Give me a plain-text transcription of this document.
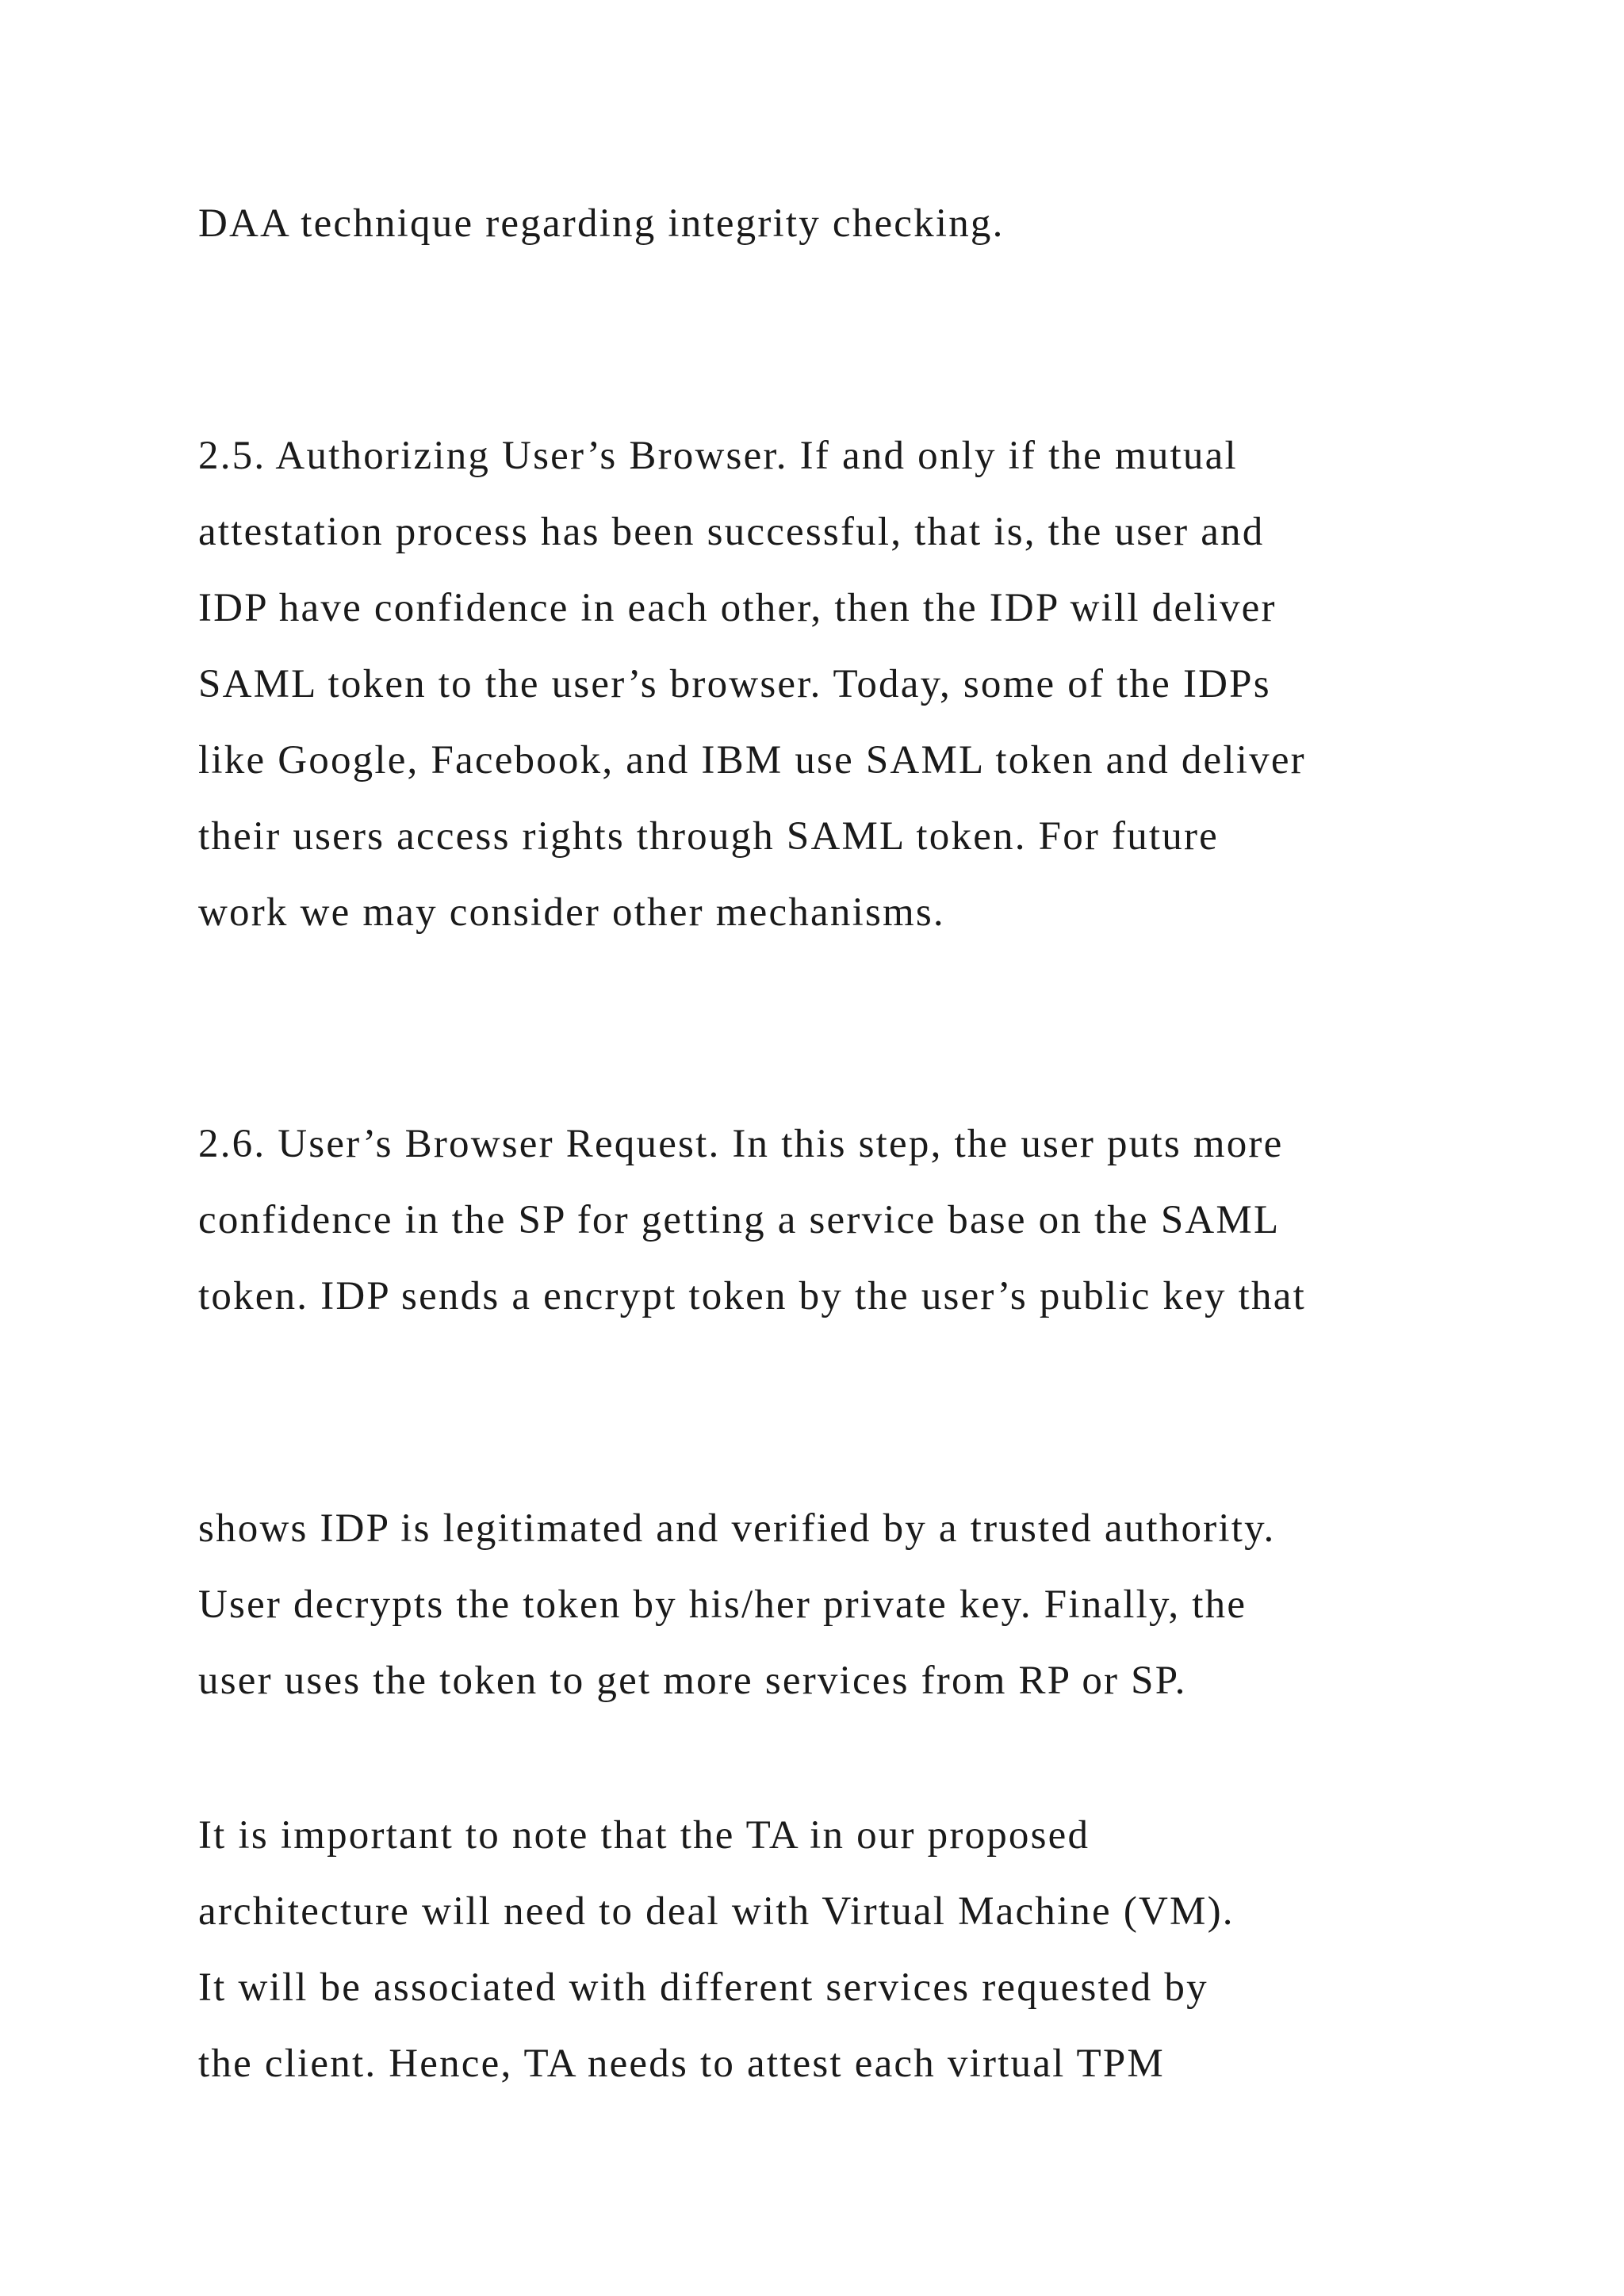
DAA technique regarding integrity checking.

2.5. Authorizing User’s Browser. If and only if the mutual

attestation process has been successful, that is, the user and

IDP have confidence in each other, then the IDP will deliver

SAML token to the user’s browser. Today, some of the IDPs

like Google, Facebook, and IBM use SAML token and deliver

their users access rights through SAML token. For future

work we may consider other mechanisms.

2.6. User’s Browser Request. In this step, the user puts more

confidence in the SP for getting a service base on the SAML

token. IDP sends a encrypt token by the user’s public key that

shows IDP is legitimated and verified by a trusted authority.

User decrypts the token by his/her private key. Finally, the

user uses the token to get more services from RP or SP.

It is important to note that the TA in our proposed

architecture will need to deal with Virtual Machine (VM).

It will be associated with different services requested by

the client. Hence, TA needs to attest each virtual TPM
